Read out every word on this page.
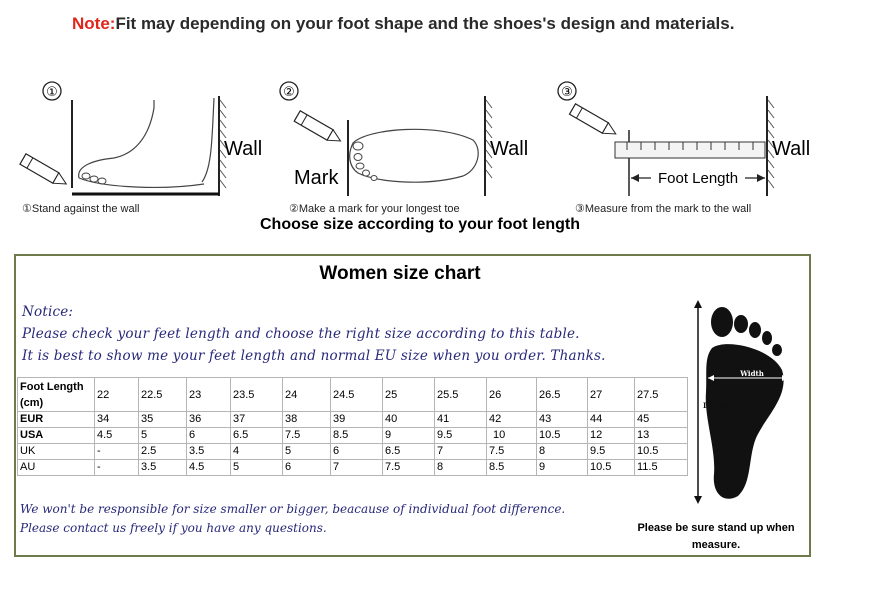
Note:Fit may depending on your foot shape and the shoes's design and materials.
①
Wall
①Stand against the wall
②
Mark
Wall
②Make a mark for your longest toe
③
Foot Length
Wall
③Measure from the mark to the wall
Choose size according to your foot length
Women size chart
Notice:
Please check your feet length and choose the right size according to this table.
It is best to show me your feet length and normal EU size when you order. Thanks.
Foot Length (cm)	22	22.5	23	23.5	24	24.5	25	25.5	26	26.5	27	27.5
EUR	34	35	36	37	38	39	40	41	42	43	44	45
USA	4.5	5	6	6.5	7.5	8.5	9	9.5	10	10.5	12	13
UK	-	2.5	3.5	4	5	6	6.5	7	7.5	8	9.5	10.5
AU	-	3.5	4.5	5	6	7	7.5	8	8.5	9	10.5	11.5
We won't be responsible for size smaller or bigger, beacause of individual foot difference.
Please contact us freely if you have any questions.
Width
Length
Please be sure stand up when
measure.
